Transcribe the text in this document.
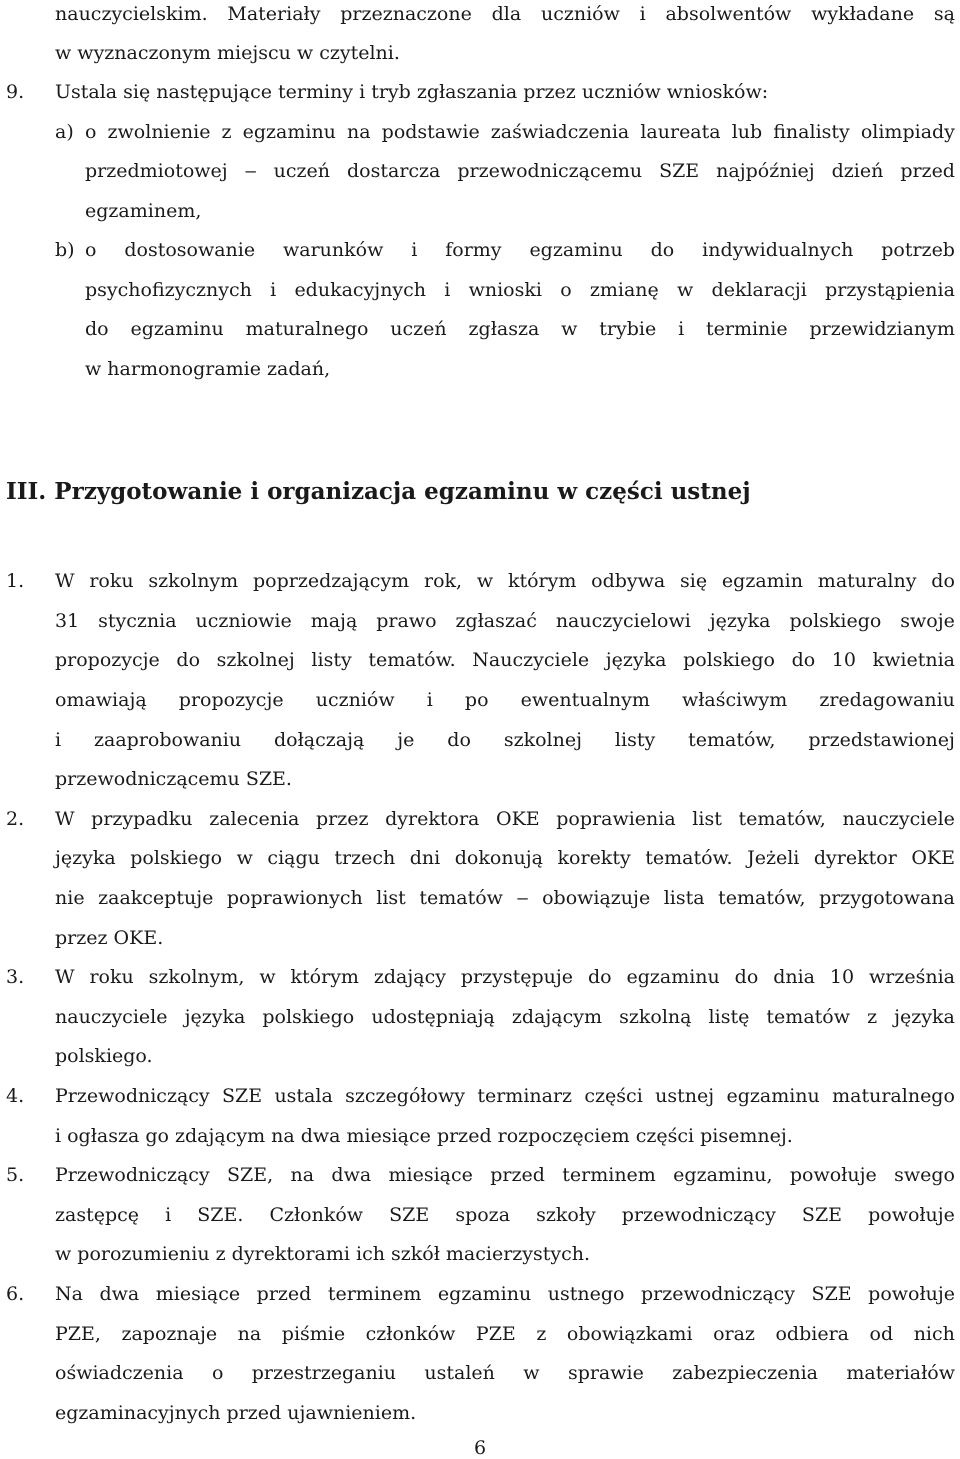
nauczycielskim. Materiały przeznaczone dla uczniów i absolwentów wykładane są
w wyznaczonym miejscu w czytelni.
9. Ustala się następujące terminy i tryb zgłaszania przez uczniów wniosków:
a) o zwolnienie z egzaminu na podstawie zaświadczenia laureata lub finalisty olimpiady
przedmiotowej ‒ uczeń dostarcza przewodniczącemu SZE najpóźniej dzień przed
egzaminem,
b) o dostosowanie warunków i formy egzaminu do indywidualnych potrzeb
psychofizycznych i edukacyjnych i wnioski o zmianę w deklaracji przystąpienia
do egzaminu maturalnego uczeń zgłasza w trybie i terminie przewidzianym
w harmonogramie zadań,
III. Przygotowanie i organizacja egzaminu w części ustnej
1. W roku szkolnym poprzedzającym rok, w którym odbywa się egzamin maturalny do
31 stycznia uczniowie mają prawo zgłaszać nauczycielowi języka polskiego swoje
propozycje do szkolnej listy tematów. Nauczyciele języka polskiego do 10 kwietnia
omawiają propozycje uczniów i po ewentualnym właściwym zredagowaniu
i zaaprobowaniu dołączają je do szkolnej listy tematów, przedstawionej
przewodniczącemu SZE.
2. W przypadku zalecenia przez dyrektora OKE poprawienia list tematów, nauczyciele
języka polskiego w ciągu trzech dni dokonują korekty tematów. Jeżeli dyrektor OKE
nie zaakceptuje poprawionych list tematów ‒ obowiązuje lista tematów, przygotowana
przez OKE.
3. W roku szkolnym, w którym zdający przystępuje do egzaminu do dnia 10 września
nauczyciele języka polskiego udostępniają zdającym szkolną listę tematów z języka
polskiego.
4. Przewodniczący SZE ustala szczegółowy terminarz części ustnej egzaminu maturalnego
i ogłasza go zdającym na dwa miesiące przed rozpoczęciem części pisemnej.
5. Przewodniczący SZE, na dwa miesiące przed terminem egzaminu, powołuje swego
zastępcę i SZE. Członków SZE spoza szkoły przewodniczący SZE powołuje
w porozumieniu z dyrektorami ich szkół macierzystych.
6. Na dwa miesiące przed terminem egzaminu ustnego przewodniczący SZE powołuje
PZE, zapoznaje na piśmie członków PZE z obowiązkami oraz odbiera od nich
oświadczenia o przestrzeganiu ustaleń w sprawie zabezpieczenia materiałów
egzaminacyjnych przed ujawnieniem.
6
